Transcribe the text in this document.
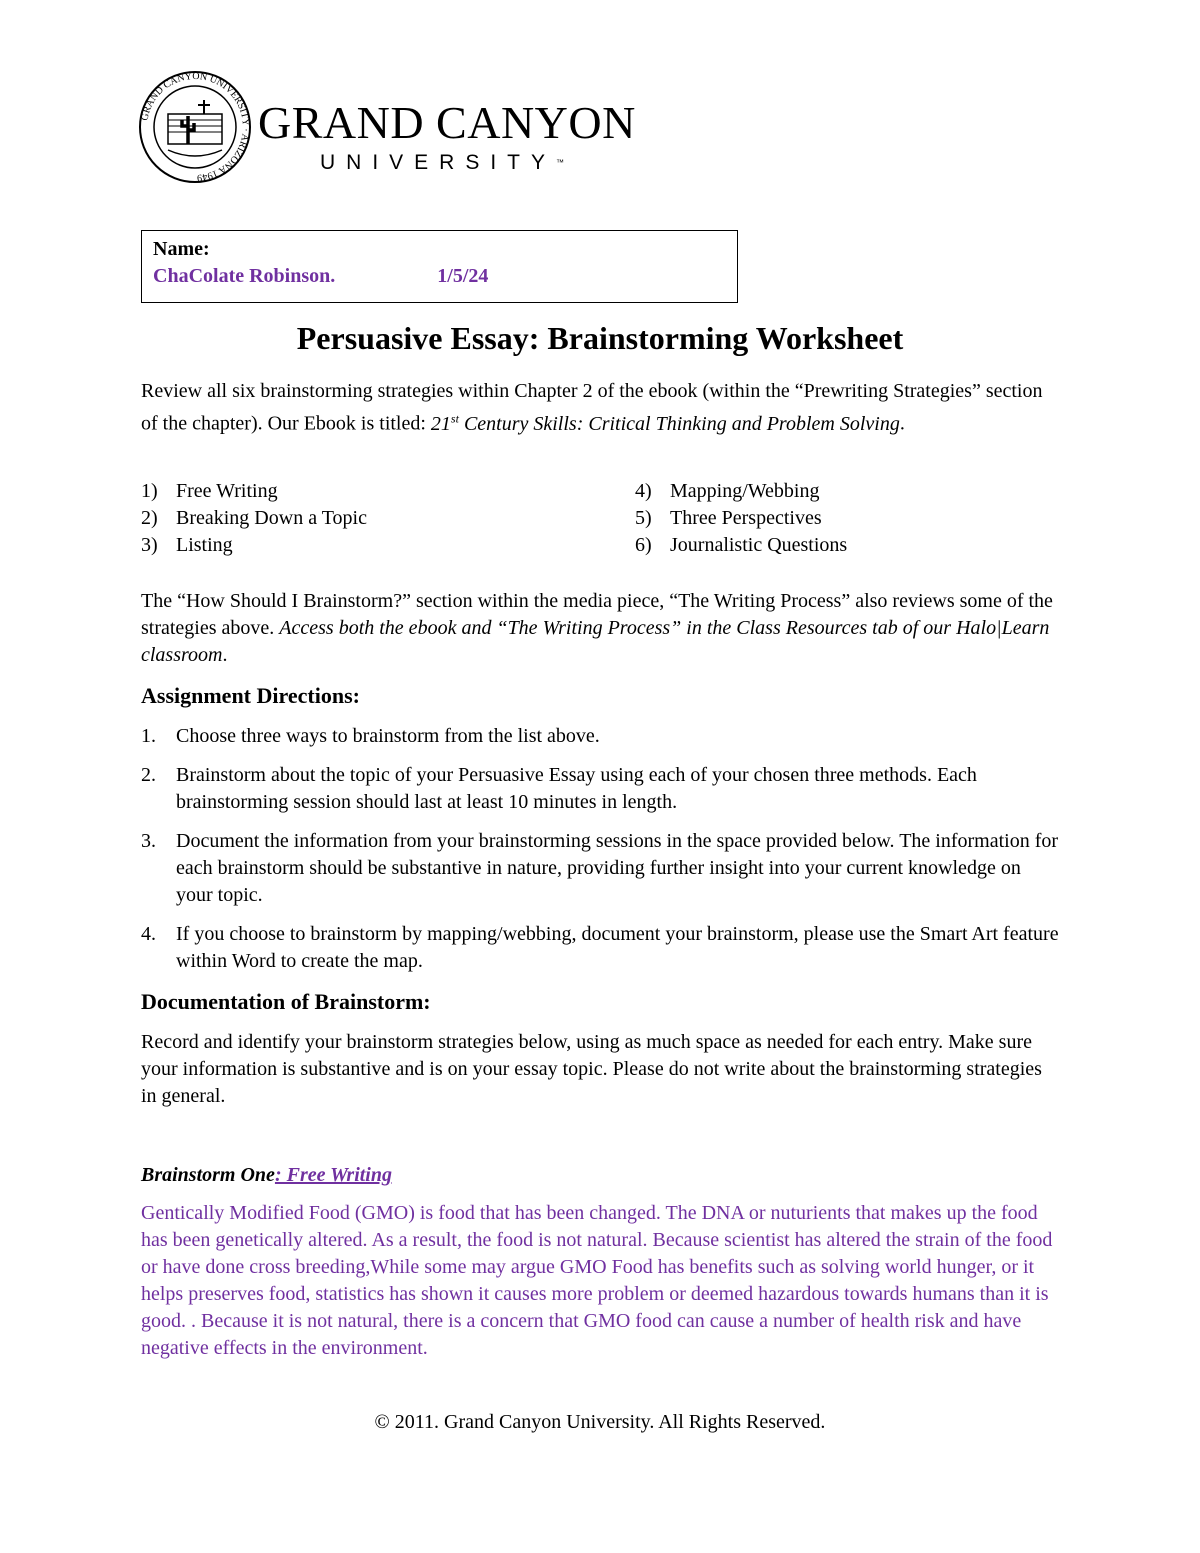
GRAND CANYON UNIVERSITY · ARIZONA 1949
GRAND CANYON
UNIVERSITY™
Name:
ChaColate Robinson.	1/5/24
Persuasive Essay: Brainstorming Worksheet

Review all six brainstorming strategies within Chapter 2 of the ebook (within the “Prewriting Strategies” section of the chapter). Our Ebook is titled: 21st Century Skills: Critical Thinking and Problem Solving.

1) Free Writing
2) Breaking Down a Topic
3) Listing
4) Mapping/Webbing
5) Three Perspectives
6) Journalistic Questions

The “How Should I Brainstorm?” section within the media piece, “The Writing Process” also reviews some of the strategies above. Access both the ebook and “The Writing Process” in the Class Resources tab of our Halo|Learn classroom.

Assignment Directions:
1. Choose three ways to brainstorm from the list above.
2. Brainstorm about the topic of your Persuasive Essay using each of your chosen three methods. Each brainstorming session should last at least 10 minutes in length.
3. Document the information from your brainstorming sessions in the space provided below. The information for each brainstorm should be substantive in nature, providing further insight into your current knowledge on your topic.
4. If you choose to brainstorm by mapping/webbing, document your brainstorm, please use the Smart Art feature within Word to create the map.
Documentation of Brainstorm:

Record and identify your brainstorm strategies below, using as much space as needed for each entry. Make sure your information is substantive and is on your essay topic. Please do not write about the brainstorming strategies in general.

Brainstorm One: Free Writing
Gentically Modified Food (GMO) is food that has been changed. The DNA or nuturients that makes up the food has been genetically altered. As a result, the food is not natural. Because scientist has altered the strain of the food or have done cross breeding,While some may argue GMO Food has benefits such as solving world hunger, or it helps preserves food, statistics has shown it causes more problem or deemed hazardous towards humans than it is good. . Because it is not natural, there is a concern that GMO food can cause a number of health risk and have negative effects in the environment.
© 2011. Grand Canyon University. All Rights Reserved.
